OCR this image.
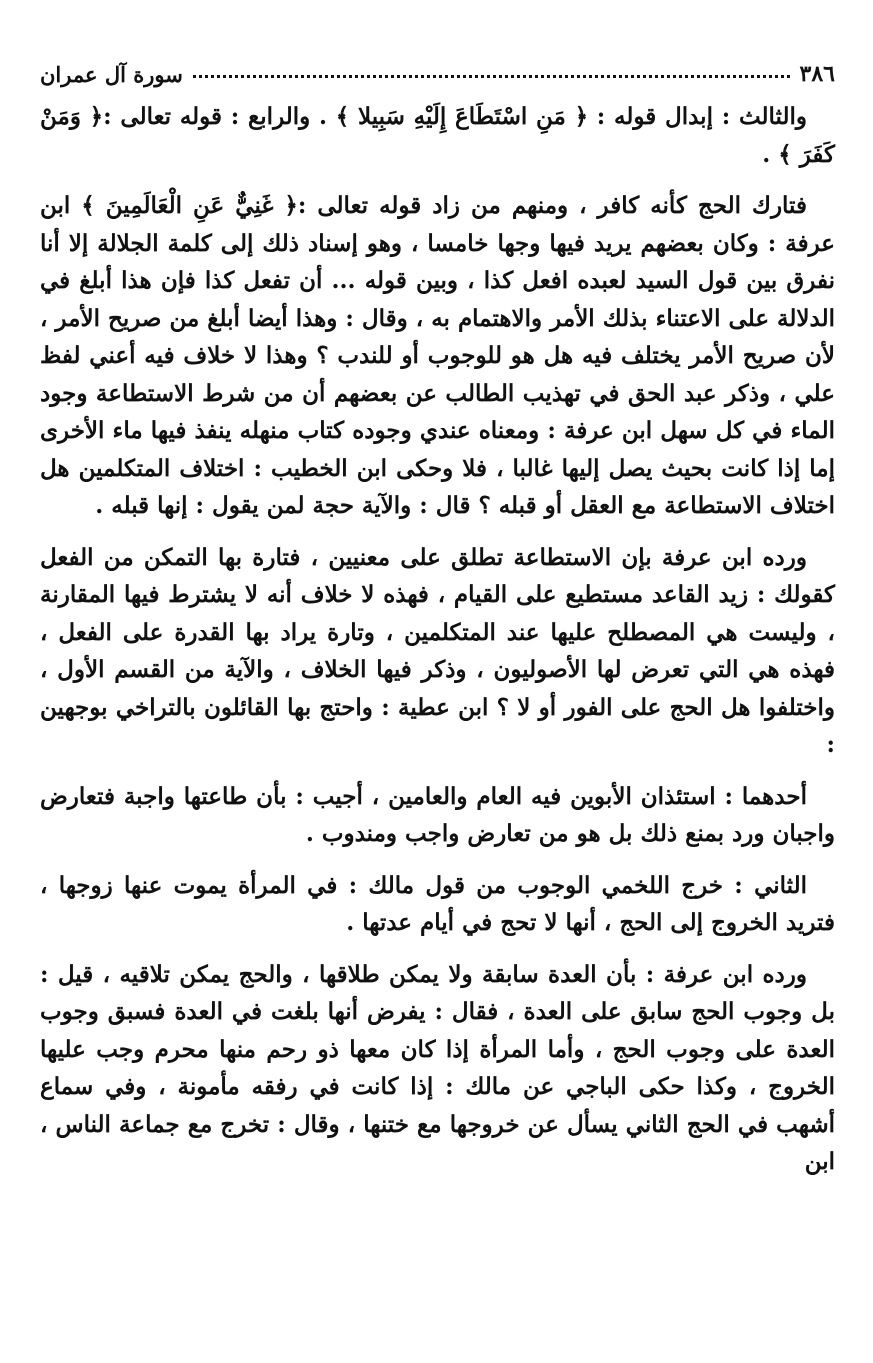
٣٨٦
سورة آل عمران

والثالث : إبدال قوله : ﴿ مَنِ اسْتَطَاعَ إِلَيْهِ سَبِيلا ﴾ . والرابع : قوله تعالى :﴿ وَمَنْ كَفَرَ ﴾ .

فتارك الحج كأنه كافر ، ومنهم من زاد قوله تعالى :﴿ غَنِيٌّ عَنِ الْعَالَمِينَ ﴾ ابن عرفة : وكان بعضهم يريد فيها وجها خامسا ، وهو إسناد ذلك إلى كلمة الجلالة إلا أنا نفرق بين قول السيد لعبده افعل كذا ، وبين قوله ... أن تفعل كذا فإن هذا أبلغ في الدلالة على الاعتناء بذلك الأمر والاهتمام به ، وقال : وهذا أيضا أبلغ من صريح الأمر ، لأن صريح الأمر يختلف فيه هل هو للوجوب أو للندب ؟ وهذا لا خلاف فيه أعني لفظ علي ، وذكر عبد الحق في تهذيب الطالب عن بعضهم أن من شرط الاستطاعة وجود الماء في كل سهل ابن عرفة : ومعناه عندي وجوده كتاب منهله ينفذ فيها ماء الأخرى إما إذا كانت بحيث يصل إليها غالبا ، فلا وحكى ابن الخطيب : اختلاف المتكلمين هل اختلاف الاستطاعة مع العقل أو قبله ؟ قال : والآية حجة لمن يقول : إنها قبله .

ورده ابن عرفة بإن الاستطاعة تطلق على معنيين ، فتارة بها التمكن من الفعل كقولك : زيد القاعد مستطيع على القيام ، فهذه لا خلاف أنه لا يشترط فيها المقارنة ، وليست هي المصطلح عليها عند المتكلمين ، وتارة يراد بها القدرة على الفعل ، فهذه هي التي تعرض لها الأصوليون ، وذكر فيها الخلاف ، والآية من القسم الأول ، واختلفوا هل الحج على الفور أو لا ؟ ابن عطية : واحتج بها القائلون بالتراخي بوجهين :

أحدهما : استئذان الأبوين فيه العام والعامين ، أجيب : بأن طاعتها واجبة فتعارض واجبان ورد بمنع ذلك بل هو من تعارض واجب ومندوب .

الثاني : خرج اللخمي الوجوب من قول مالك : في المرأة يموت عنها زوجها ، فتريد الخروج إلى الحج ، أنها لا تحج في أيام عدتها .

ورده ابن عرفة : بأن العدة سابقة ولا يمكن طلاقها ، والحج يمكن تلاقيه ، قيل : بل وجوب الحج سابق على العدة ، فقال : يفرض أنها بلغت في العدة فسبق وجوب العدة على وجوب الحج ، وأما المرأة إذا كان معها ذو رحم منها محرم وجب عليها الخروج ، وكذا حكى الباجي عن مالك : إذا كانت في رفقه مأمونة ، وفي سماع أشهب في الحج الثاني يسأل عن خروجها مع ختنها ، وقال : تخرج مع جماعة الناس ، ابن
